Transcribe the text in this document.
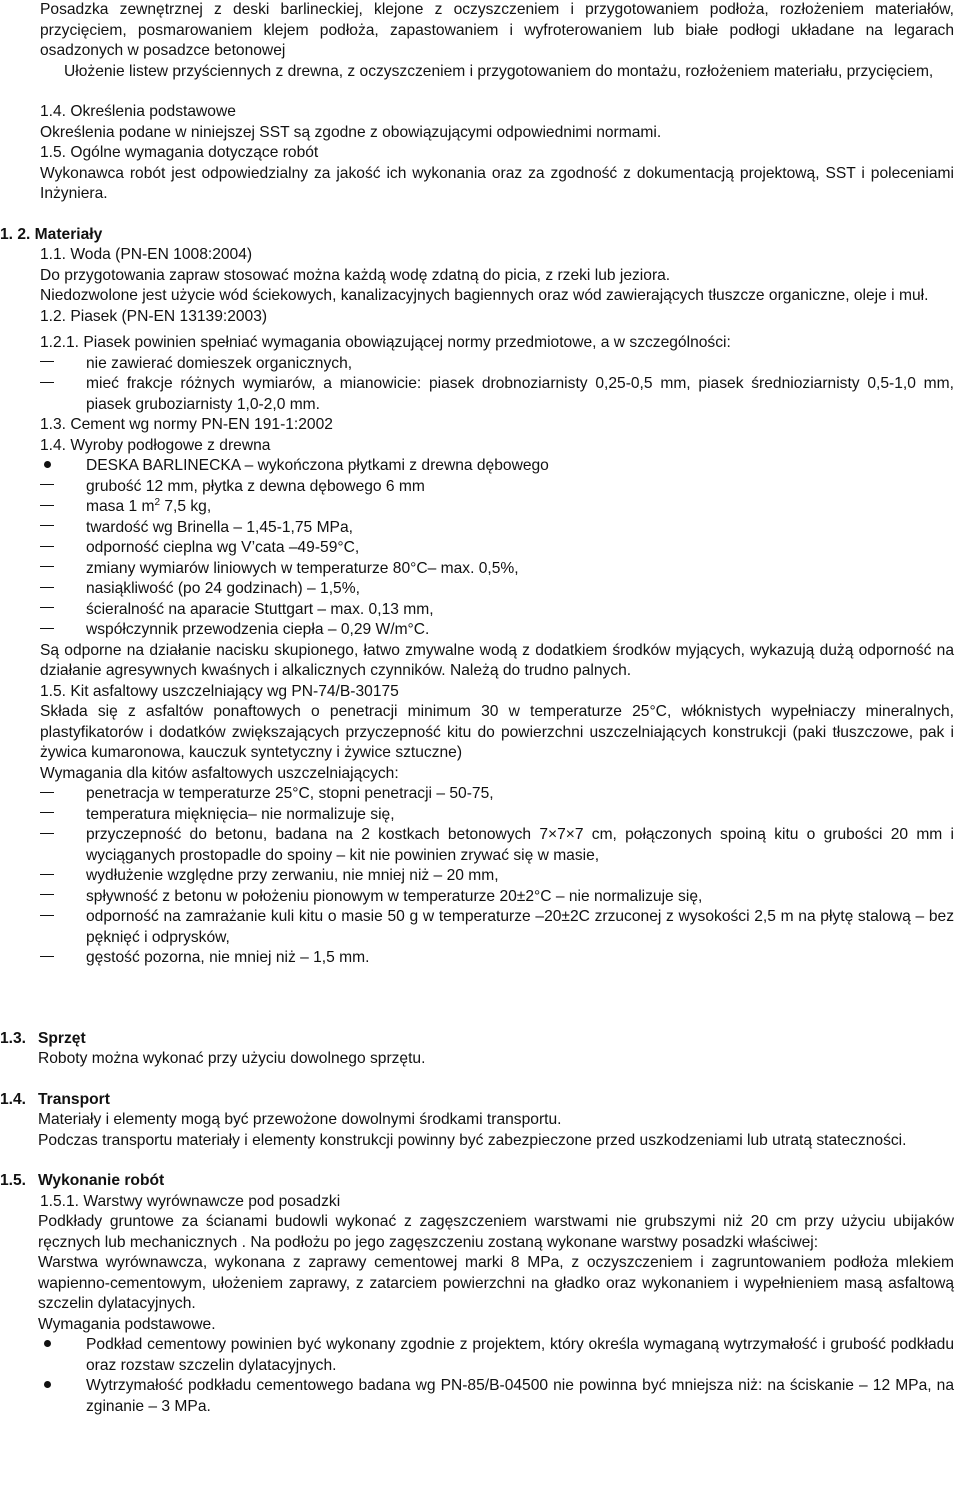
Posadzka zewnętrznej z deski barlineckiej, klejone z oczyszczeniem i przygotowaniem podłoża, rozłożeniem materiałów, przycięciem, posmarowaniem klejem podłoża, zapastowaniem i wyfroterowaniem lub białe podłogi układane na legarach osadzonych w posadzce betonowej

Ułożenie listew przyściennych z drewna, z oczyszczeniem i przygotowaniem do montażu, rozłożeniem materiału, przycięciem,

1.4. Określenia podstawowe

Określenia podane w niniejszej SST są zgodne z obowiązującymi odpowiednimi normami.

1.5. Ogólne wymagania dotyczące robót

Wykonawca robót jest odpowiedzialny za jakość ich wykonania oraz za zgodność z dokumentacją projektową, SST i poleceniami Inżyniera.

1. 2. Materiały

1.1. Woda (PN-EN 1008:2004)

Do przygotowania zapraw stosować można każdą wodę zdatną do picia, z rzeki lub jeziora.

Niedozwolone jest użycie wód ściekowych, kanalizacyjnych bagiennych oraz wód zawierających tłuszcze organiczne, oleje i muł.

1.2. Piasek (PN-EN 13139:2003)

1.2.1. Piasek powinien spełniać wymagania obowiązującej normy przedmiotowe, a w szczególności:

nie zawierać domieszek organicznych,
mieć frakcje różnych wymiarów, a mianowicie: piasek drobnoziarnisty 0,25-0,5 mm, piasek średnioziarnisty 0,5-1,0 mm, piasek gruboziarnisty 1,0-2,0 mm.

1.3. Cement wg normy PN-EN 191-1:2002

1.4. Wyroby podłogowe z drewna

DESKA BARLINECKA – wykończona płytkami z drewna dębowego
grubość 12 mm, płytka z dewna dębowego 6 mm
masa 1 $m^2$ 7,5 kg,
twardość wg Brinella – 1,45-1,75 MPa,
odporność cieplna wg V’cata –49-59°C,
zmiany wymiarów liniowych w temperaturze 80°C– max. 0,5%,
nasiąkliwość (po 24 godzinach) – 1,5%,
ścieralność na aparacie Stuttgart – max. 0,13 mm,
współczynnik przewodzenia ciepła – 0,29 W/m°C.

Są odporne na działanie nacisku skupionego, łatwo zmywalne wodą z dodatkiem środków myjących, wykazują dużą odporność na działanie agresywnych kwaśnych i alkalicznych czynników. Należą do trudno palnych.

1.5. Kit asfaltowy uszczelniający wg PN-74/B-30175

Składa się z asfaltów ponaftowych o penetracji minimum 30 w temperaturze 25°C, włóknistych wypełniaczy mineralnych, plastyfikatorów i dodatków zwiększających przyczepność kitu do powierzchni uszczelniających konstrukcji (paki tłuszczowe, pak i żywica kumaronowa, kauczuk syntetyczny i żywice sztuczne)

Wymagania dla kitów asfaltowych uszczelniających:

penetracja w temperaturze 25°C, stopni penetracji – 50-75,
temperatura mięknięcia– nie normalizuje się,
przyczepność do betonu, badana na 2 kostkach betonowych 7×7×7 cm, połączonych spoiną kitu o grubości 20 mm i wyciąganych prostopadle do spoiny – kit nie powinien zrywać się w masie,
wydłużenie względne przy zerwaniu, nie mniej niż – 20 mm,
spływność z betonu w położeniu pionowym w temperaturze 20±2°C – nie normalizuje się,
odporność na zamrażanie kuli kitu o masie 50 g w temperaturze –20±2C zrzuconej z wysokości 2,5 m na płytę stalową – bez pęknięć i odprysków,
gęstość pozorna, nie mniej niż – 1,5 mm.
1.3. Sprzęt

Roboty można wykonać przy użyciu dowolnego sprzętu.

1.4. Transport

Materiały i elementy mogą być przewożone dowolnymi środkami transportu.

Podczas transportu materiały i elementy konstrukcji powinny być zabezpieczone przed uszkodzeniami lub utratą stateczności.

1.5. Wykonanie robót

1.5.1. Warstwy wyrównawcze pod posadzki

Podkłady gruntowe za ścianami budowli wykonać z zagęszczeniem warstwami nie grubszymi niż 20 cm przy użyciu ubijaków ręcznych lub mechanicznych . Na podłożu po jego zagęszczeniu zostaną wykonane warstwy posadzki właściwej:

Warstwa wyrównawcza, wykonana z zaprawy cementowej marki 8 MPa, z oczyszczeniem i zagruntowaniem podłoża mlekiem wapienno-cementowym, ułożeniem zaprawy, z zatarciem powierzchni na gładko oraz wykonaniem i wypełnieniem masą asfaltową szczelin dylatacyjnych.

Wymagania podstawowe.

Podkład cementowy powinien być wykonany zgodnie z projektem, który określa wymaganą wytrzymałość i grubość podkładu oraz rozstaw szczelin dylatacyjnych.
Wytrzymałość podkładu cementowego badana wg PN-85/B-04500 nie powinna być mniejsza niż: na ściskanie – 12 MPa, na zginanie – 3 MPa.
